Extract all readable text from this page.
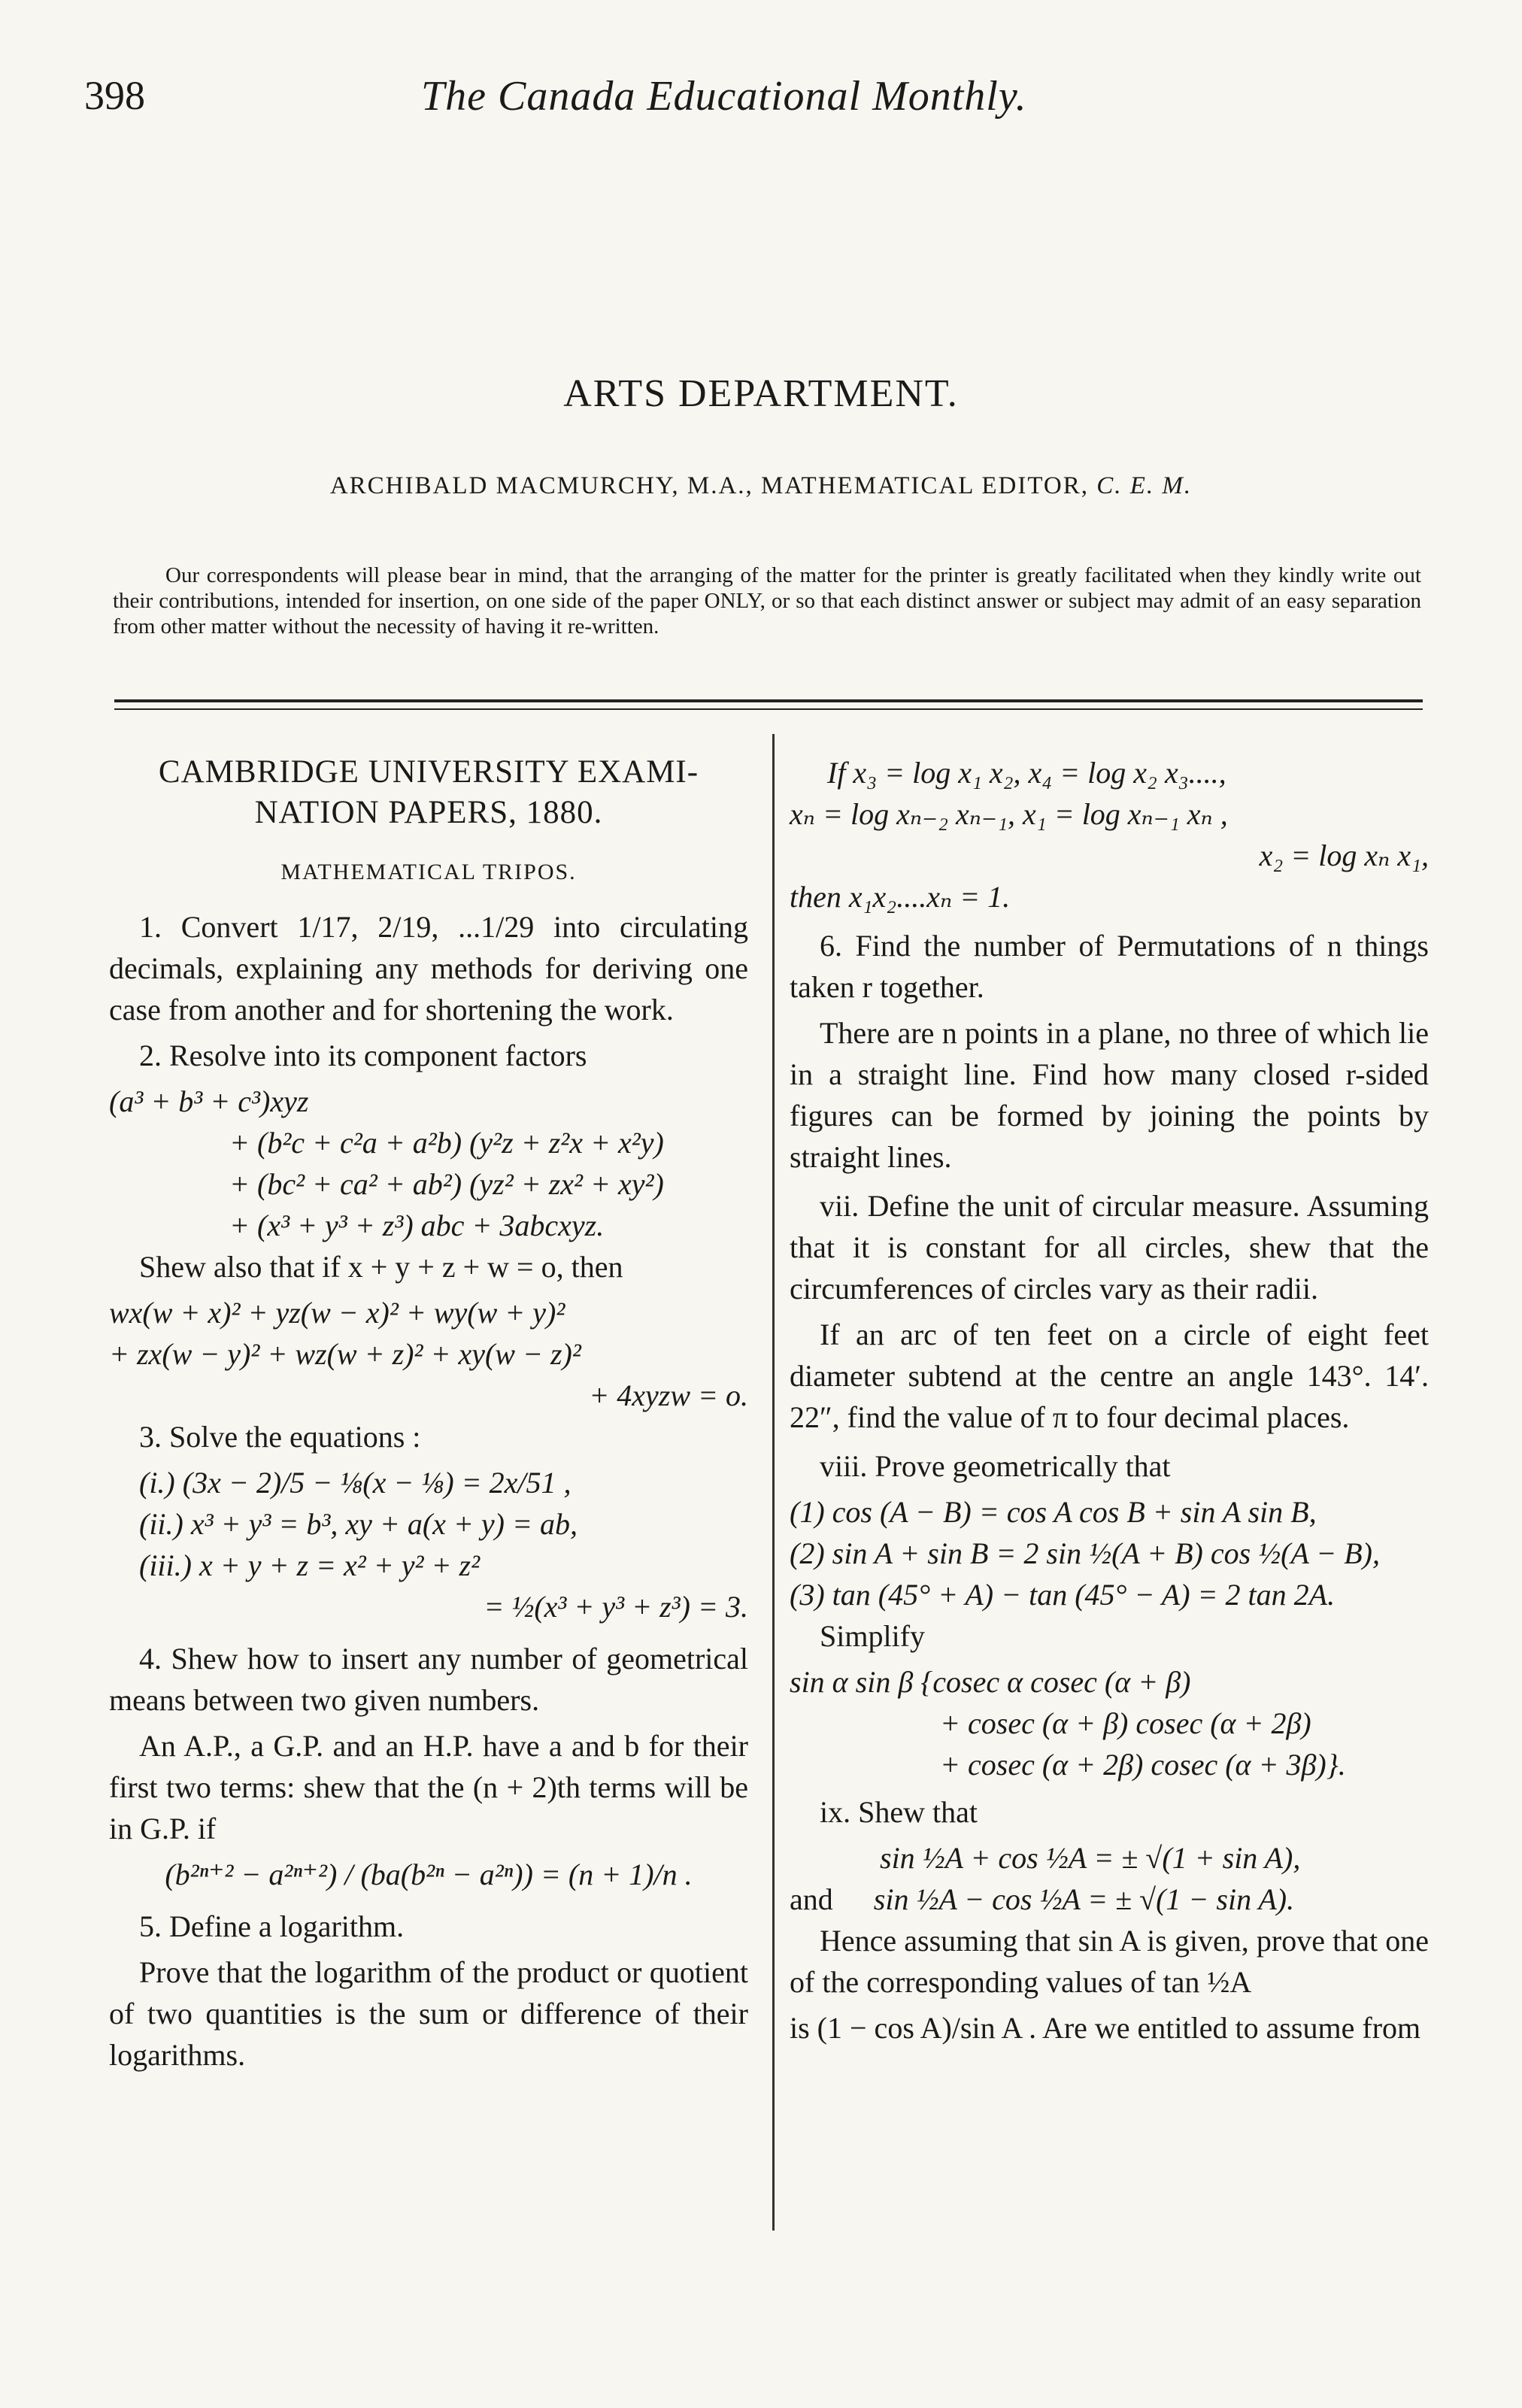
398	The Canada Educational Monthly.
ARTS DEPARTMENT.
ARCHIBALD MACMURCHY, M.A., MATHEMATICAL EDITOR, C. E. M.
Our correspondents will please bear in mind, that the arranging of the matter for the printer is greatly facilitated when they kindly write out their contributions, intended for insertion, on one side of the paper ONLY, or so that each distinct answer or subject may admit of an easy separation from other matter without the necessity of having it re-written.
CAMBRIDGE UNIVERSITY EXAMI-NATION PAPERS, 1880.
MATHEMATICAL TRIPOS.

1. Convert 1/17, 2/19, ...1/29 into circulating decimals, explaining any methods for deriving one case from another and for shortening the work.

2. Resolve into its component factors

(a³ + b³ + c³)xyz
+ (b²c + c²a + a²b) (y²z + z²x + x²y)
+ (bc² + ca² + ab²) (yz² + zx² + xy²)
+ (x³ + y³ + z³) abc + 3abcxyz.

Shew also that if x + y + z + w = o, then

wx(w + x)² + yz(w − x)² + wy(w + y)²
+ zx(w − y)² + wz(w + z)² + xy(w − z)²
+ 4xyzw = o.

3. Solve the equations :

(i.) (3x − 2)/5 − ⅛(x − ⅛) = 2x/51 ,
(ii.) x³ + y³ = b³, xy + a(x + y) = ab,
(iii.) x + y + z = x² + y² + z²
= ½(x³ + y³ + z³) = 3.

4. Shew how to insert any number of geometrical means between two given numbers.

An A.P., a G.P. and an H.P. have a and b for their first two terms: shew that the (n + 2)th terms will be in G.P. if

(b²ⁿ⁺² − a²ⁿ⁺²) / (ba(b²ⁿ − a²ⁿ)) = (n + 1)/n .

5. Define a logarithm.

Prove that the logarithm of the product or quotient of two quantities is the sum or difference of their logarithms.

If x₃ = log x₁ x₂, x₄ = log x₂ x₃....,
xₙ = log xₙ₋₂ xₙ₋₁, x₁ = log xₙ₋₁ xₙ ,
x₂ = log xₙ x₁,
then x₁x₂....xₙ = 1.

6. Find the number of Permutations of n things taken r together.

There are n points in a plane, no three of which lie in a straight line. Find how many closed r-sided figures can be formed by joining the points by straight lines.

vii. Define the unit of circular measure. Assuming that it is constant for all circles, shew that the circumferences of circles vary as their radii.

If an arc of ten feet on a circle of eight feet diameter subtend at the centre an angle 143°. 14′. 22″, find the value of π to four decimal places.

viii. Prove geometrically that

(1) cos (A − B) = cos A cos B + sin A sin B,
(2) sin A + sin B = 2 sin ½(A + B) cos ½(A − B),
(3) tan (45° + A) − tan (45° − A) = 2 tan 2A.

Simplify

sin α sin β {cosec α cosec (α + β)
+ cosec (α + β) cosec (α + 2β)
+ cosec (α + 2β) cosec (α + 3β)}.

ix. Shew that

sin ½A + cos ½A = ± √(1 + sin A),
and sin ½A − cos ½A = ± √(1 − sin A).

Hence assuming that sin A is given, prove that one of the corresponding values of tan ½A

is (1 − cos A)/sin A . Are we entitled to assume from
